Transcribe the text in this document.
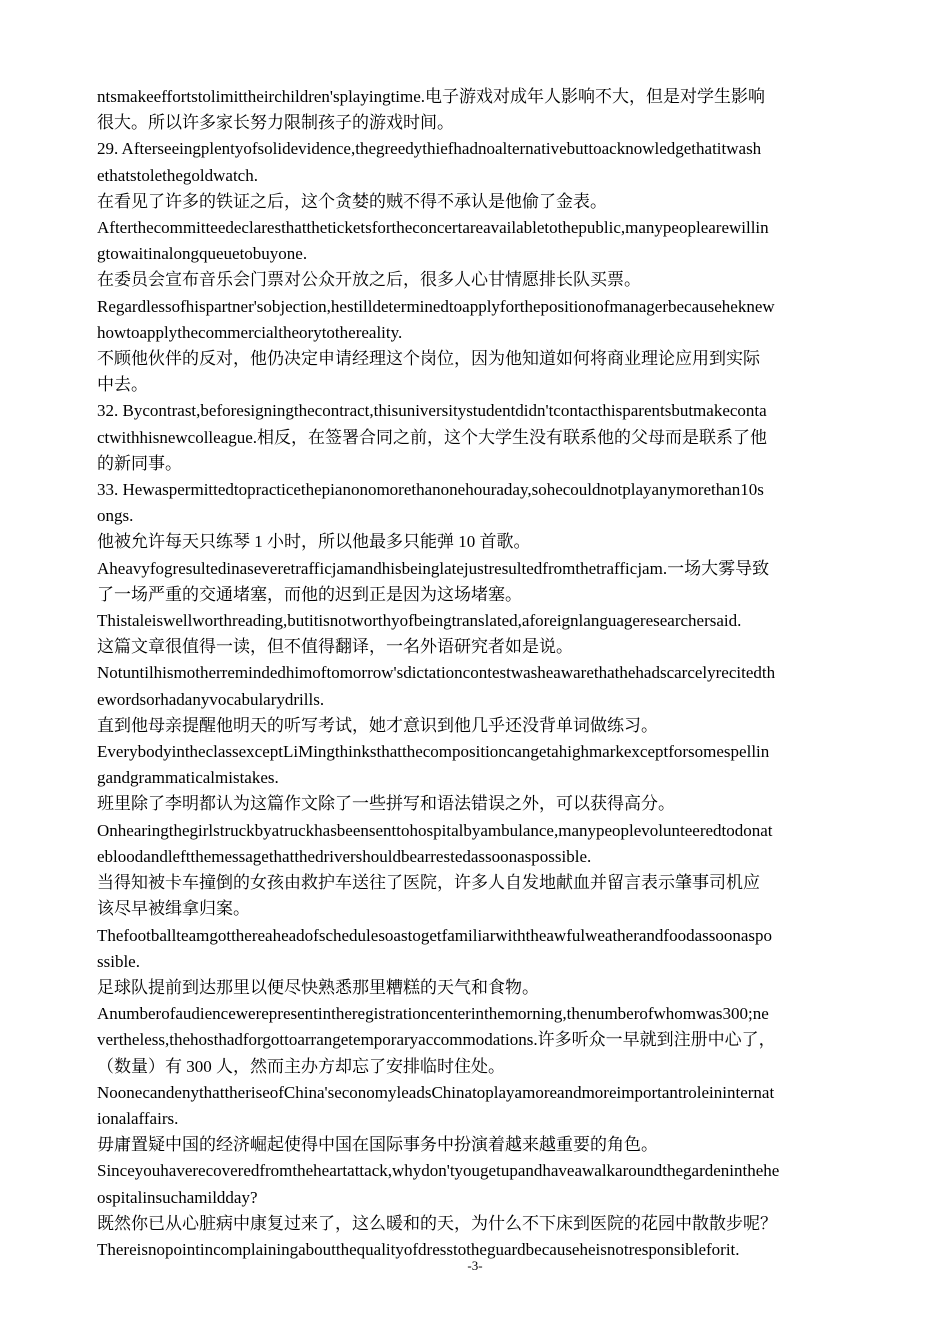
ntsmakeeffortstolimittheirchildren'splayingtime.电子游戏对成年人影响不大，但是对学生影响
很大。所以许多家长努力限制孩子的游戏时间。
29. Afterseeingplentyofsolidevidence,thegreedythiefhadnoalternativebuttoacknowledgethatitwash
ethatstolethegoldwatch.
在看见了许多的铁证之后，这个贪婪的贼不得不承认是他偷了金表。
Afterthecommitteedeclaresthattheticketsfortheconcertareavailabletothepublic,manypeoplearewillin
gtowaitinalongqueuetobuyone.
在委员会宣布音乐会门票对公众开放之后，很多人心甘情愿排长队买票。
Regardlessofhispartner'sobjection,hestilldeterminedtoapplyforthepositionofmanagerbecauseheknew
howtoapplythecommercialtheorytothereality.
不顾他伙伴的反对，他仍决定申请经理这个岗位，因为他知道如何将商业理论应用到实际
中去。
32. Bycontrast,beforesigningthecontract,thisuniversitystudentdidn'tcontacthisparentsbutmakeconta
ctwithhisnewcolleague.相反，在签署合同之前，这个大学生没有联系他的父母而是联系了他
的新同事。
33. Hewaspermittedtopracticethepianonomorethanonehouraday,sohecouldnotplayanymorethan10s
ongs.
他被允许每天只练琴 1 小时，所以他最多只能弹 10 首歌。
Aheavyfogresultedinaseveretrafficjamandhisbeinglatejustresultedfromthetrafficjam.一场大雾导致
了一场严重的交通堵塞，而他的迟到正是因为这场堵塞。
Thistaleiswellworthreading,butitisnotworthyofbeingtranslated,aforeignlanguageresearchersaid.
这篇文章很值得一读，但不值得翻译，一名外语研究者如是说。
Notuntilhismotherremindedhimoftomorrow'sdictationcontestwasheawarethathehadscarcelyrecitedth
ewordsorhadanyvocabularydrills.
直到他母亲提醒他明天的听写考试，她才意识到他几乎还没背单词做练习。
EverybodyintheclassexceptLiMingthinksthatthecompositioncangetahighmarkexceptforsomespellin
gandgrammaticalmistakes.
班里除了李明都认为这篇作文除了一些拼写和语法错误之外，可以获得高分。
Onhearingthegirlstruckbyatruckhasbeensenttohospitalbyambulance,manypeoplevolunteeredtodonat
ebloodandleftthemessagethatthedrivershouldbearrestedassoonaspossible.
当得知被卡车撞倒的女孩由救护车送往了医院，许多人自发地献血并留言表示肇事司机应
该尽早被缉拿归案。
Thefootballteamgotthereaheadofschedulesoastogetfamiliarwiththeawfulweatherandfoodassoonaspo
ssible.
足球队提前到达那里以便尽快熟悉那里糟糕的天气和食物。
Anumberofaudiencewerepresentintheregistrationcenterinthemorning,thenumberofwhomwas300;ne
vertheless,thehosthadforgottoarrangetemporaryaccommodations.许多听众一早就到注册中心了，
（数量）有 300 人，然而主办方却忘了安排临时住处。
NoonecandenythattheriseofChina'seconomyleadsChinatoplayamoreandmoreimportantroleininternat
ionalaffairs.
毋庸置疑中国的经济崛起使得中国在国际事务中扮演着越来越重要的角色。
Sinceyouhaverecoveredfromtheheartattack,whydon'tyougetupandhaveawalkaroundthegardeninthehe
ospitalinsuchamildday?
既然你已从心脏病中康复过来了，这么暖和的天，为什么不下床到医院的花园中散散步呢？
Thereisnopointincomplainingaboutthequalityofdresstotheguardbecauseheisnotresponsibleforit.
-3-
